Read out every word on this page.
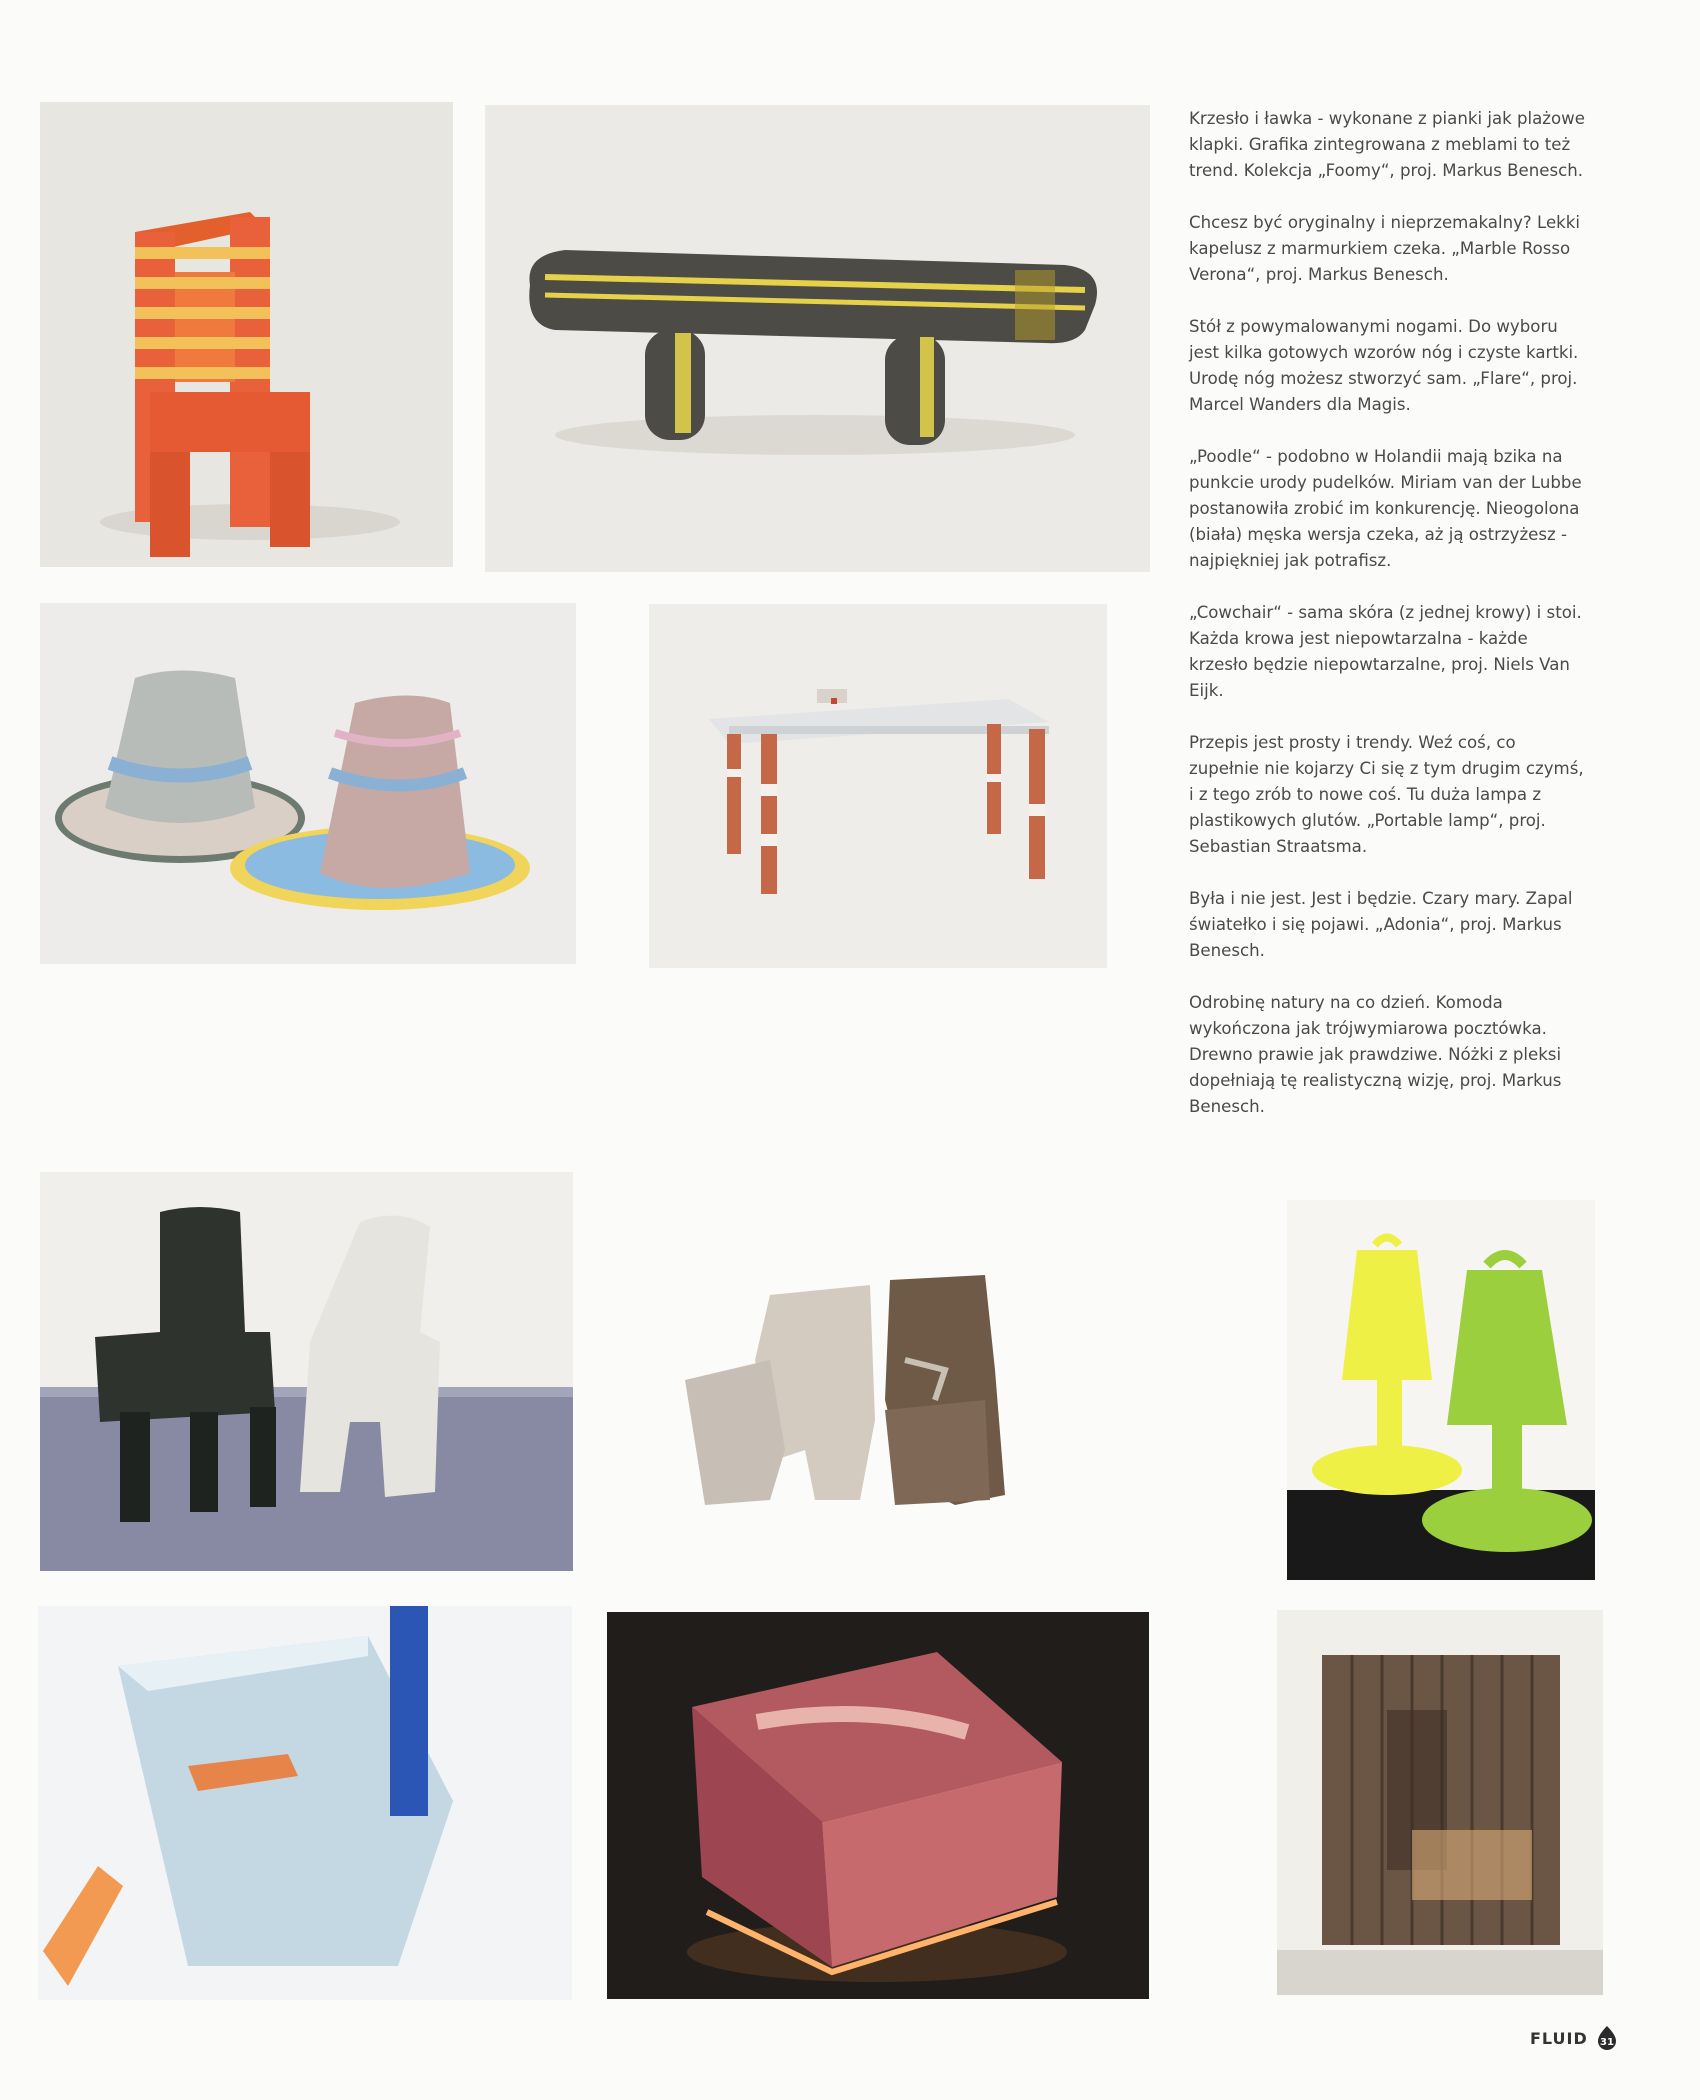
Krzesło i ławka - wykonane z pianki jak plażowe klapki. Grafika zintegrowana z meblami to też trend. Kolekcja „Foomy“, proj. Markus Benesch.

Chcesz być oryginalny i nieprzemakalny? Lekki kapelusz z marmurkiem czeka. „Marble Rosso Verona“, proj. Markus Benesch.

Stół z powymalowanymi nogami. Do wyboru jest kilka gotowych wzorów nóg i czyste kartki. Urodę nóg możesz stworzyć sam. „Flare“, proj. Marcel Wanders dla Magis.

„Poodle“ - podobno w Holandii mają bzika na punkcie urody pudelków. Miriam van der Lubbe postanowiła zrobić im konkurencję. Nieogolona (biała) męska wersja czeka, aż ją ostrzyżesz - najpiękniej jak potrafisz.

„Cowchair“ - sama skóra (z jednej krowy) i stoi. Każda krowa jest niepowtarzalna - każde krzesło będzie niepowtarzalne, proj. Niels Van Eijk.

Przepis jest prosty i trendy. Weź coś, co zupełnie nie kojarzy Ci się z tym drugim czymś, i z tego zrób to nowe coś. Tu duża lampa z plastikowych glutów. „Portable lamp“, proj. Sebastian Straatsma.

Była i nie jest. Jest i będzie. Czary mary. Zapal światełko i się pojawi. „Adonia“, proj. Markus Benesch.

Odrobinę natury na co dzień. Komoda wykończona jak trójwymiarowa pocztówka. Drewno prawie jak prawdziwe. Nóżki z pleksi dopełniają tę realistyczną wizję, proj. Markus Benesch.

FLUID 31
